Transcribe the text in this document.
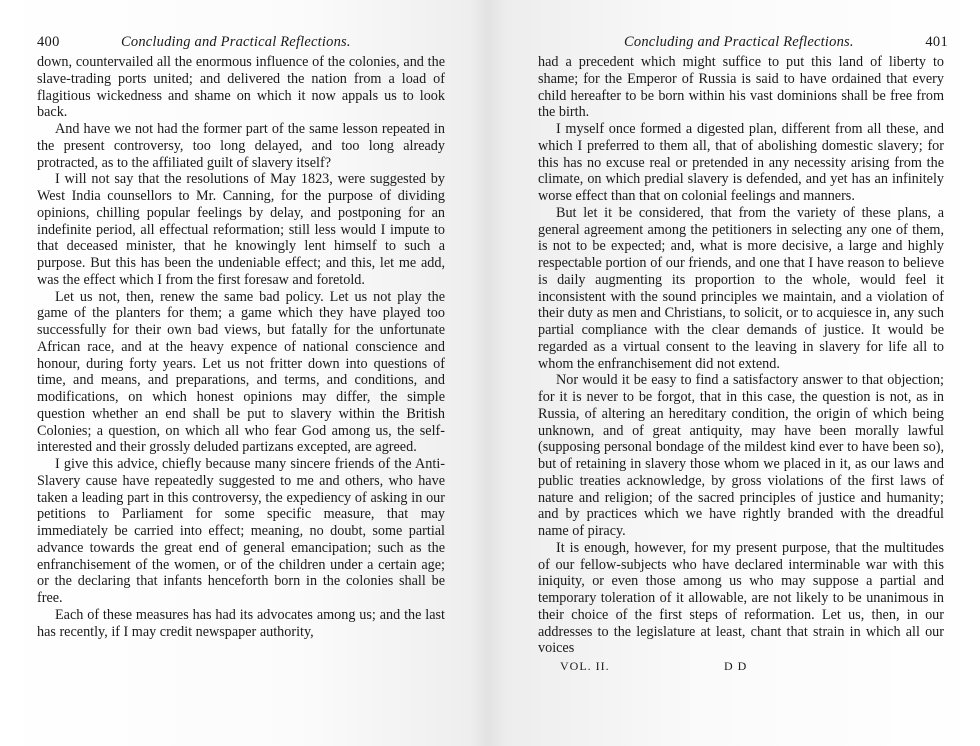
400	Concluding and Practical Reflections.

down, countervailed all the enormous influence of the colonies, and the slave-trading ports united; and delivered the nation from a load of flagitious wickedness and shame on which it now appals us to look back.

And have we not had the former part of the same lesson repeated in the present controversy, too long delayed, and too long already protracted, as to the affiliated guilt of slavery itself?

I will not say that the resolutions of May 1823, were suggested by West India counsellors to Mr. Canning, for the purpose of dividing opinions, chilling popular feelings by delay, and postponing for an indefinite period, all effectual reformation; still less would I impute to that deceased minister, that he knowingly lent himself to such a purpose. But this has been the undeniable effect; and this, let me add, was the effect which I from the first foresaw and foretold.

Let us not, then, renew the same bad policy. Let us not play the game of the planters for them; a game which they have played too successfully for their own bad views, but fatally for the unfortunate African race, and at the heavy expence of national conscience and honour, during forty years. Let us not fritter down into questions of time, and means, and preparations, and terms, and conditions, and modifications, on which honest opinions may differ, the simple question whether an end shall be put to slavery within the British Colonies; a question, on which all who fear God among us, the self-interested and their grossly deluded partizans excepted, are agreed.

I give this advice, chiefly because many sincere friends of the Anti-Slavery cause have repeatedly suggested to me and others, who have taken a leading part in this controversy, the expediency of asking in our petitions to Parliament for some specific measure, that may immediately be carried into effect; meaning, no doubt, some partial advance towards the great end of general emancipation; such as the enfranchisement of the women, or of the children under a certain age; or the declaring that infants henceforth born in the colonies shall be free.

Each of these measures has had its advocates among us; and the last has recently, if I may credit newspaper authority,

Concluding and Practical Reflections.	401

had a precedent which might suffice to put this land of liberty to shame; for the Emperor of Russia is said to have ordained that every child hereafter to be born within his vast dominions shall be free from the birth.

I myself once formed a digested plan, different from all these, and which I preferred to them all, that of abolishing domestic slavery; for this has no excuse real or pretended in any necessity arising from the climate, on which predial slavery is defended, and yet has an infinitely worse effect than that on colonial feelings and manners.

But let it be considered, that from the variety of these plans, a general agreement among the petitioners in selecting any one of them, is not to be expected; and, what is more decisive, a large and highly respectable portion of our friends, and one that I have reason to believe is daily augmenting its proportion to the whole, would feel it inconsistent with the sound principles we maintain, and a violation of their duty as men and Christians, to solicit, or to acquiesce in, any such partial compliance with the clear demands of justice. It would be regarded as a virtual consent to the leaving in slavery for life all to whom the enfranchisement did not extend.

Nor would it be easy to find a satisfactory answer to that objection; for it is never to be forgot, that in this case, the question is not, as in Russia, of altering an hereditary condition, the origin of which being unknown, and of great antiquity, may have been morally lawful (supposing personal bondage of the mildest kind ever to have been so), but of retaining in slavery those whom we placed in it, as our laws and public treaties acknowledge, by gross violations of the first laws of nature and religion; of the sacred principles of justice and humanity; and by practices which we have rightly branded with the dreadful name of piracy.

It is enough, however, for my present purpose, that the multitudes of our fellow-subjects who have declared interminable war with this iniquity, or even those among us who may suppose a partial and temporary toleration of it allowable, are not likely to be unanimous in their choice of the first steps of reformation. Let us, then, in our addresses to the legislature at least, chant that strain in which all our voices

VOL. II.	D D
